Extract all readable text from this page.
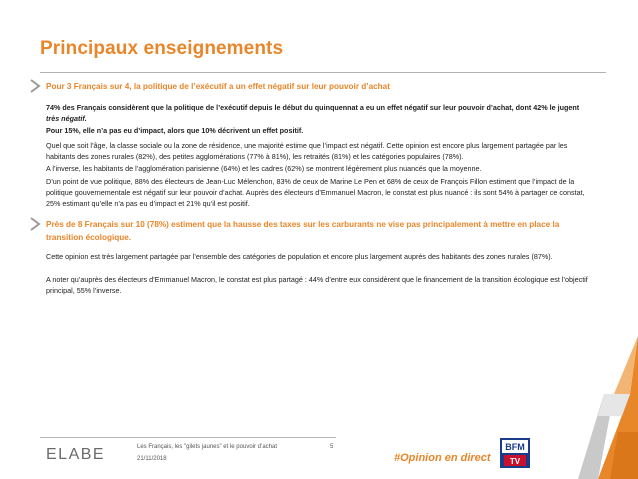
Principaux enseignements
Pour 3 Français sur 4, la politique de l’exécutif a un effet négatif sur leur pouvoir d’achat
74% des Français considèrent que la politique de l’exécutif depuis le début du quinquennat a eu un effet négatif sur leur pouvoir d’achat, dont 42% le jugent très négatif.
Pour 15%, elle n’a pas eu d’impact, alors que 10% décrivent un effet positif.
Quel que soit l’âge, la classe sociale ou la zone de résidence, une majorité estime que l’impact est négatif. Cette opinion est encore plus largement partagée par les habitants des zones rurales (82%), des petites agglomérations (77% à 81%), les retraités (81%) et les catégories populaires (78%).
A l’inverse, les habitants de l’agglomération parisienne (64%) et les cadres (62%) se montrent légèrement plus nuancés que la moyenne.
D’un point de vue politique, 88% des électeurs de Jean-Luc Mélenchon, 83% de ceux de Marine Le Pen et 68% de ceux de François Fillon estiment que l’impact de la politique gouvernementale est négatif sur leur pouvoir d’achat. Auprès des électeurs d’Emmanuel Macron, le constat est plus nuancé : ils sont 54% à partager ce constat, 25% estimant qu’elle n’a pas eu d’impact et 21% qu’il est positif.
Près de 8 Français sur 10 (78%) estiment que la hausse des taxes sur les carburants ne vise pas principalement à mettre en place la transition écologique.
Cette opinion est très largement partagée par l’ensemble des catégories de population et encore plus largement auprès des habitants des zones rurales (87%).
A noter qu’auprès des électeurs d’Emmanuel Macron, le constat est plus partagé : 44% d’entre eux considèrent que le financement de la transition écologique est l’objectif principal, 55% l’inverse.
ELABE	Les Français, les "gilets jaunes" et le pouvoir d’achat
21/11/2018
5
#Opinion en direct
BFM
TV
